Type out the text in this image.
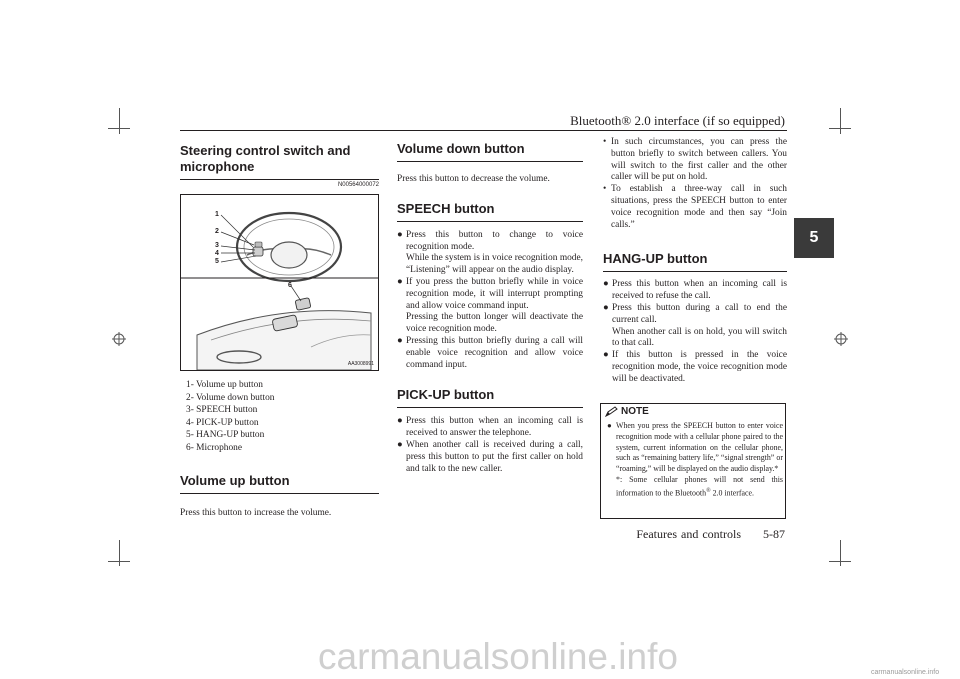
Bluetooth® 2.0 interface (if so equipped)
5
Steering control switch and
microphone
N00564000072
1
2
3
4
5
6
AA3008991
1- Volume up button
2- Volume down button
3- SPEECH button
4- PICK-UP button
5- HANG-UP button
6- Microphone
Volume up button

Press this button to increase the volume.

Volume down button

Press this button to decrease the volume.

SPEECH button
● Press this button to change to voice recognition mode.
While the system is in voice recognition mode, “Listening” will appear on the audio display.
● If you press the button briefly while in voice recognition mode, it will interrupt prompting and allow voice command input.
Pressing the button longer will deactivate the voice recognition mode.
● Pressing this button briefly during a call will enable voice recognition and allow voice command input.
PICK-UP button
● Press this button when an incoming call is received to answer the telephone.
● When another call is received during a call, press this button to put the first caller on hold and talk to the new caller.
• In such circumstances, you can press the button briefly to switch between callers. You will switch to the first caller and the other caller will be put on hold.
• To establish a three-way call in such situations, press the SPEECH button to enter voice recognition mode and then say “Join calls.”
HANG-UP button
● Press this button when an incoming call is received to refuse the call.
● Press this button during a call to end the current call.
When another call is on hold, you will switch to that call.
● If this button is pressed in the voice recognition mode, the voice recognition mode will be deactivated.
NOTE
● When you press the SPEECH button to enter voice recognition mode with a cellular phone paired to the system, current information on the cellular phone, such as “remaining battery life,” “signal strength” or “roaming,” will be displayed on the audio display.*
*: Some cellular phones will not send this information to the Bluetooth® 2.0 interface.
Features and controls 5-87
carmanualsonline.info	carmanualsonline.info
